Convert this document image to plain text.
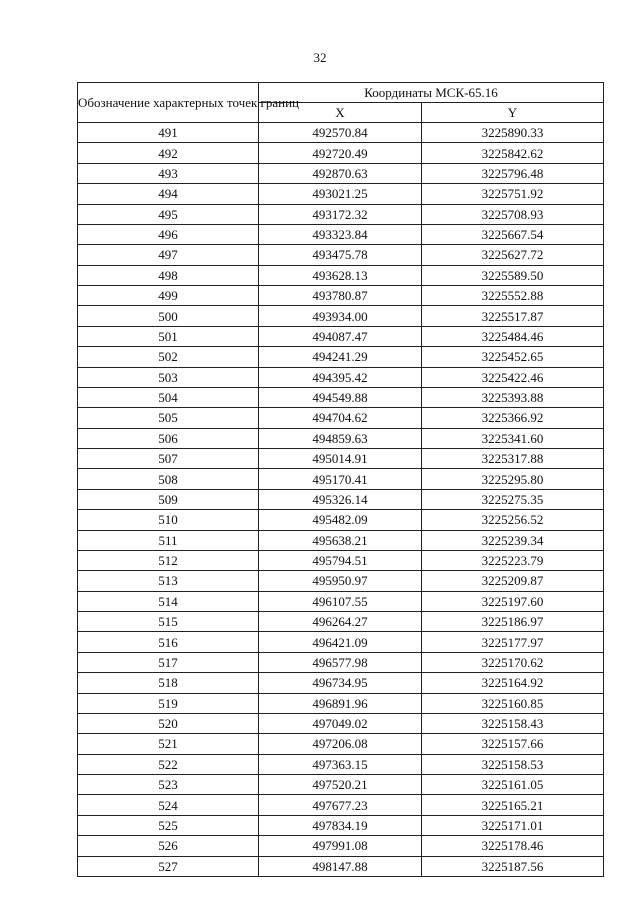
32
Обозначение характерных точек границ	Координаты МСК-65.16	
	X	Y
491	492570.84	3225890.33
492	492720.49	3225842.62
493	492870.63	3225796.48
494	493021.25	3225751.92
495	493172.32	3225708.93
496	493323.84	3225667.54
497	493475.78	3225627.72
498	493628.13	3225589.50
499	493780.87	3225552.88
500	493934.00	3225517.87
501	494087.47	3225484.46
502	494241.29	3225452.65
503	494395.42	3225422.46
504	494549.88	3225393.88
505	494704.62	3225366.92
506	494859.63	3225341.60
507	495014.91	3225317.88
508	495170.41	3225295.80
509	495326.14	3225275.35
510	495482.09	3225256.52
511	495638.21	3225239.34
512	495794.51	3225223.79
513	495950.97	3225209.87
514	496107.55	3225197.60
515	496264.27	3225186.97
516	496421.09	3225177.97
517	496577.98	3225170.62
518	496734.95	3225164.92
519	496891.96	3225160.85
520	497049.02	3225158.43
521	497206.08	3225157.66
522	497363.15	3225158.53
523	497520.21	3225161.05
524	497677.23	3225165.21
525	497834.19	3225171.01
526	497991.08	3225178.46
527	498147.88	3225187.56
